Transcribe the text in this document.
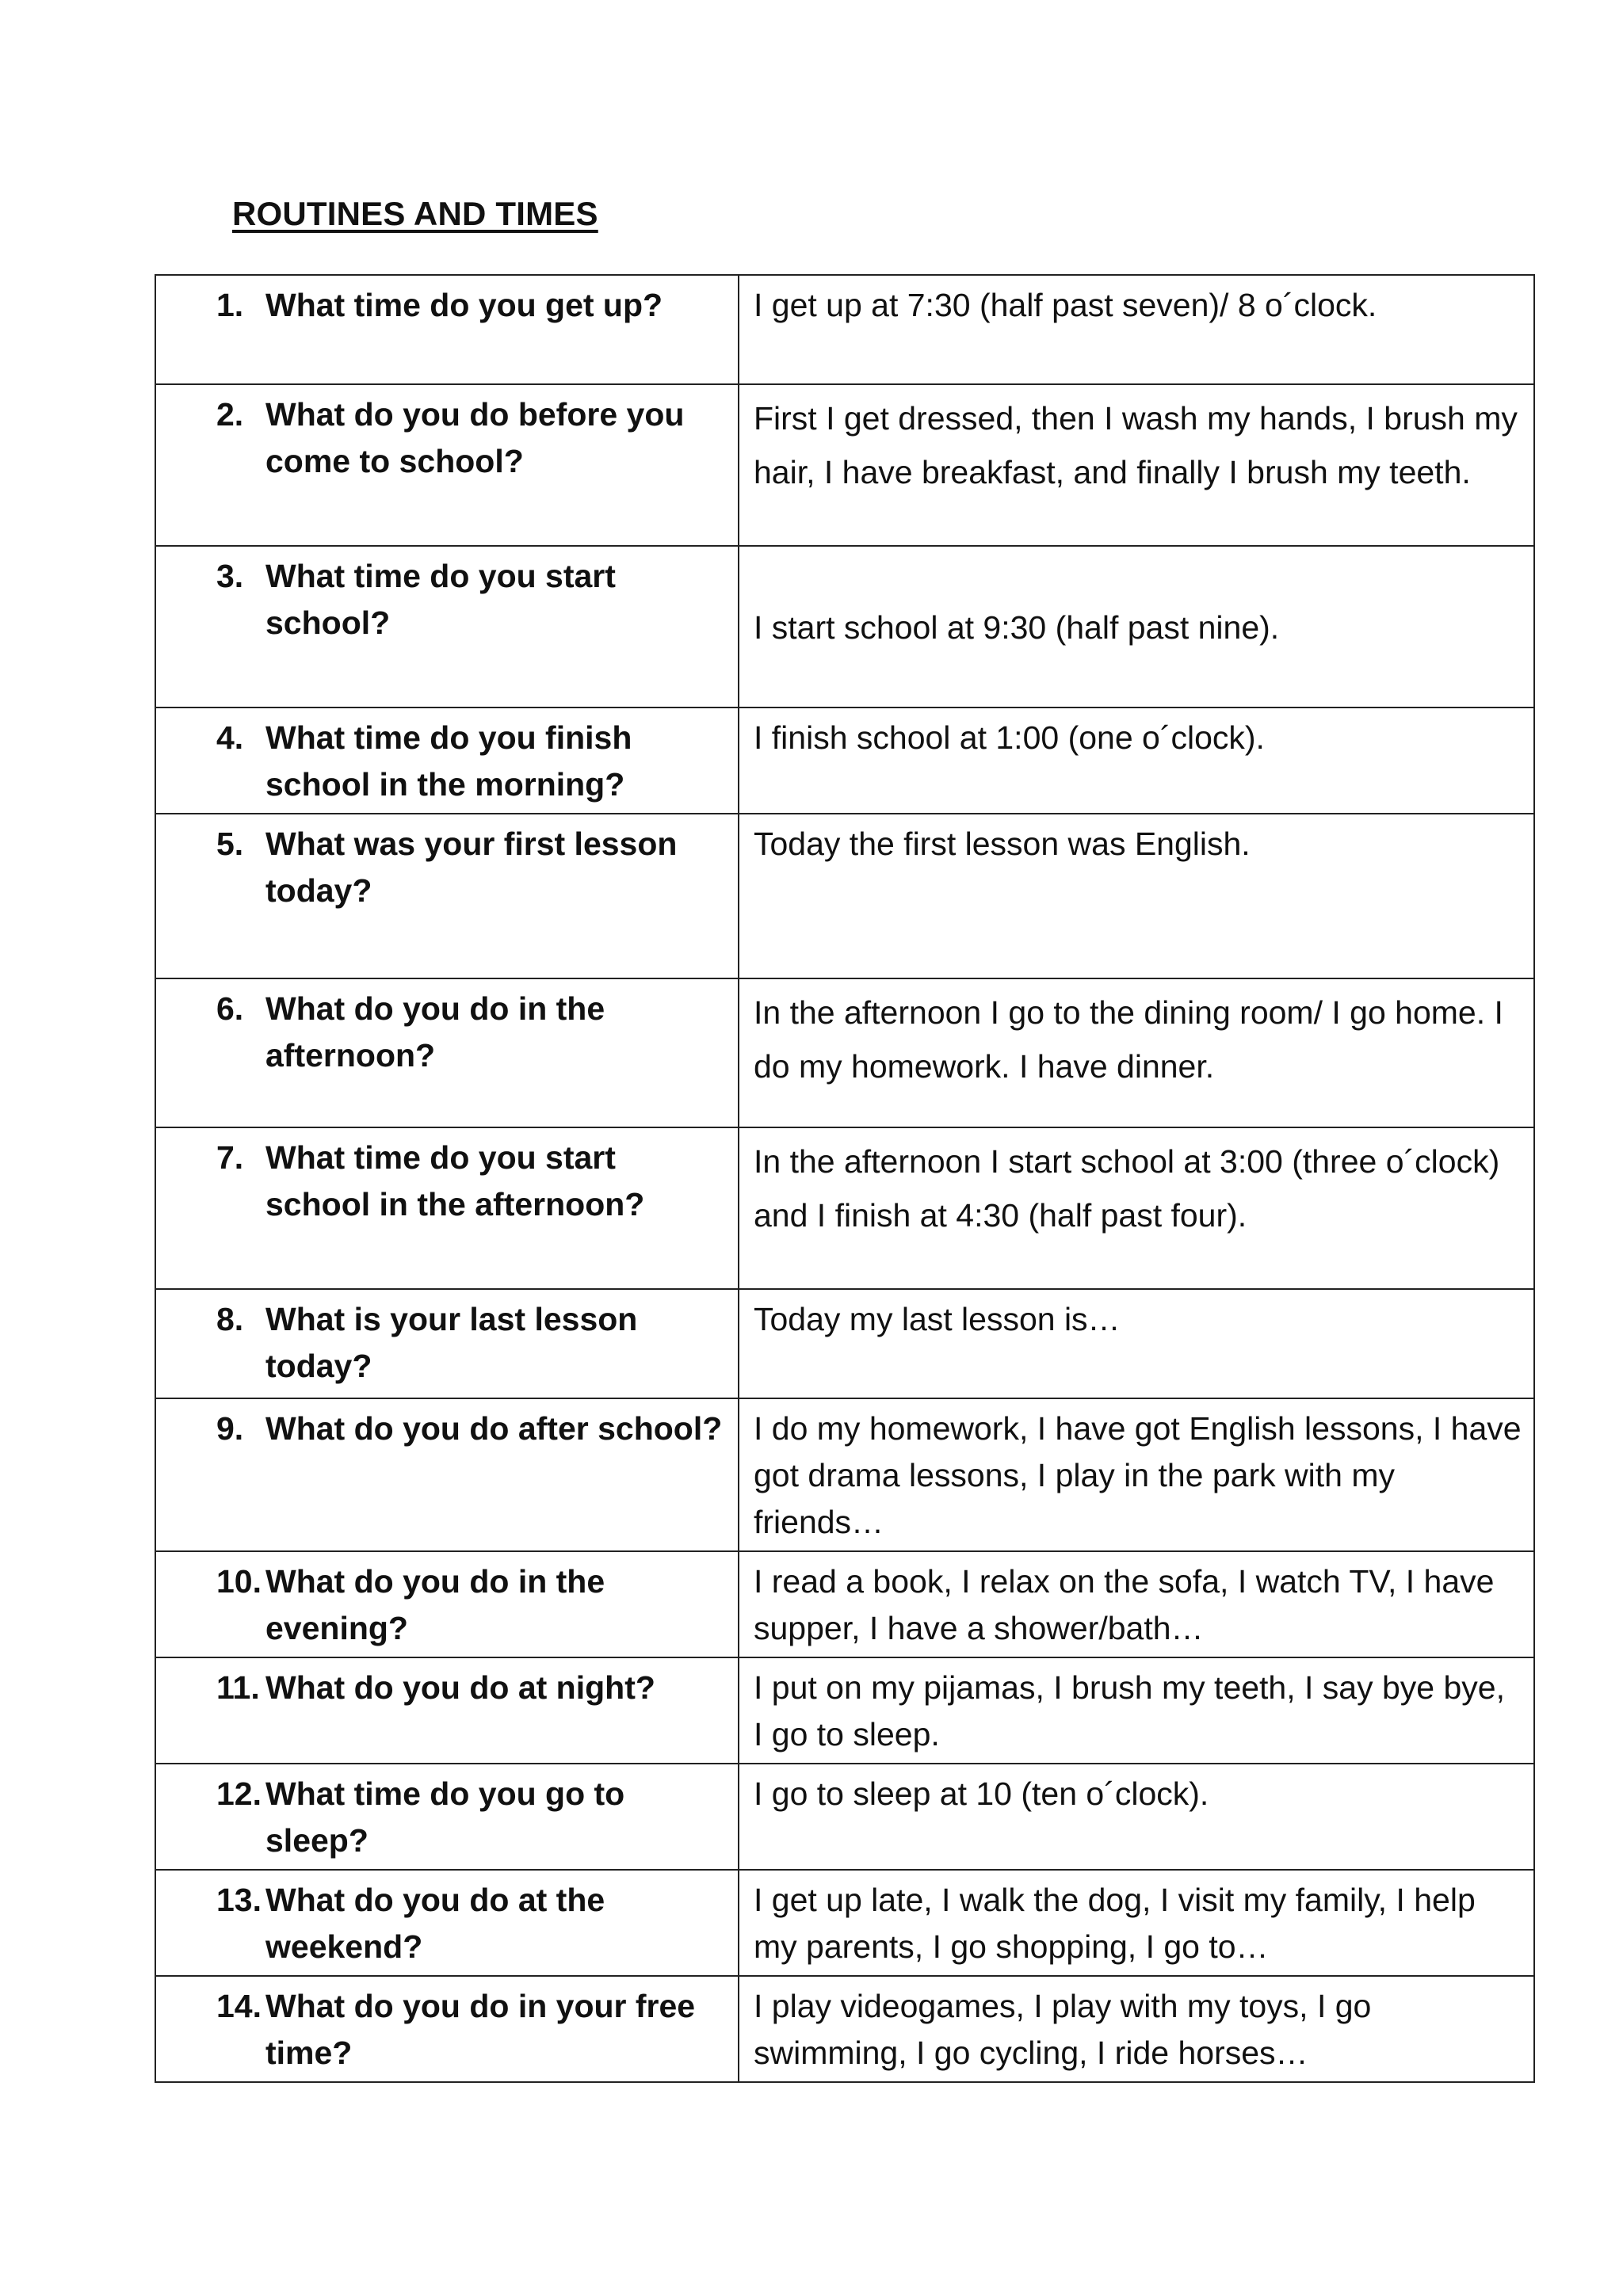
ROUTINES AND TIMES
1. What time do you get up?	I get up at 7:30 (half past seven)/ 8 o´clock.

2. What do you do before you come to school?	First I get dressed, then I wash my hands, I brush my hair, I have breakfast, and finally I brush my teeth.

3. What time do you start school?	I start school at 9:30 (half past nine).

4. What time do you finish school in the morning?	I finish school at 1:00 (one o´clock).

5. What was your first lesson today?	Today the first lesson was English.

6. What do you do in the afternoon?	In the afternoon I go to the dining room/ I go home. I do my homework. I have dinner.

7. What time do you start school in the afternoon?	In the afternoon I start school at 3:00 (three o´clock) and I finish at 4:30 (half past four).

8. What is your last lesson today?	Today my last lesson is…

9. What do you do after school?	I do my homework, I have got English lessons, I have got drama lessons, I play in the park with my friends…

10. What do you do in the evening?	I read a book, I relax on the sofa, I watch TV, I have supper, I have a shower/bath…

11. What do you do at night?	I put on my pijamas, I brush my teeth, I say bye bye, I go to sleep.

12. What time do you go to sleep?	I go to sleep at 10 (ten o´clock).

13. What do you do at the weekend?	I get up late, I walk the dog, I visit my family, I help my parents, I go shopping, I go to…

14. What do you do in your free time?	I play videogames, I play with my toys, I go swimming, I go cycling, I ride horses…
